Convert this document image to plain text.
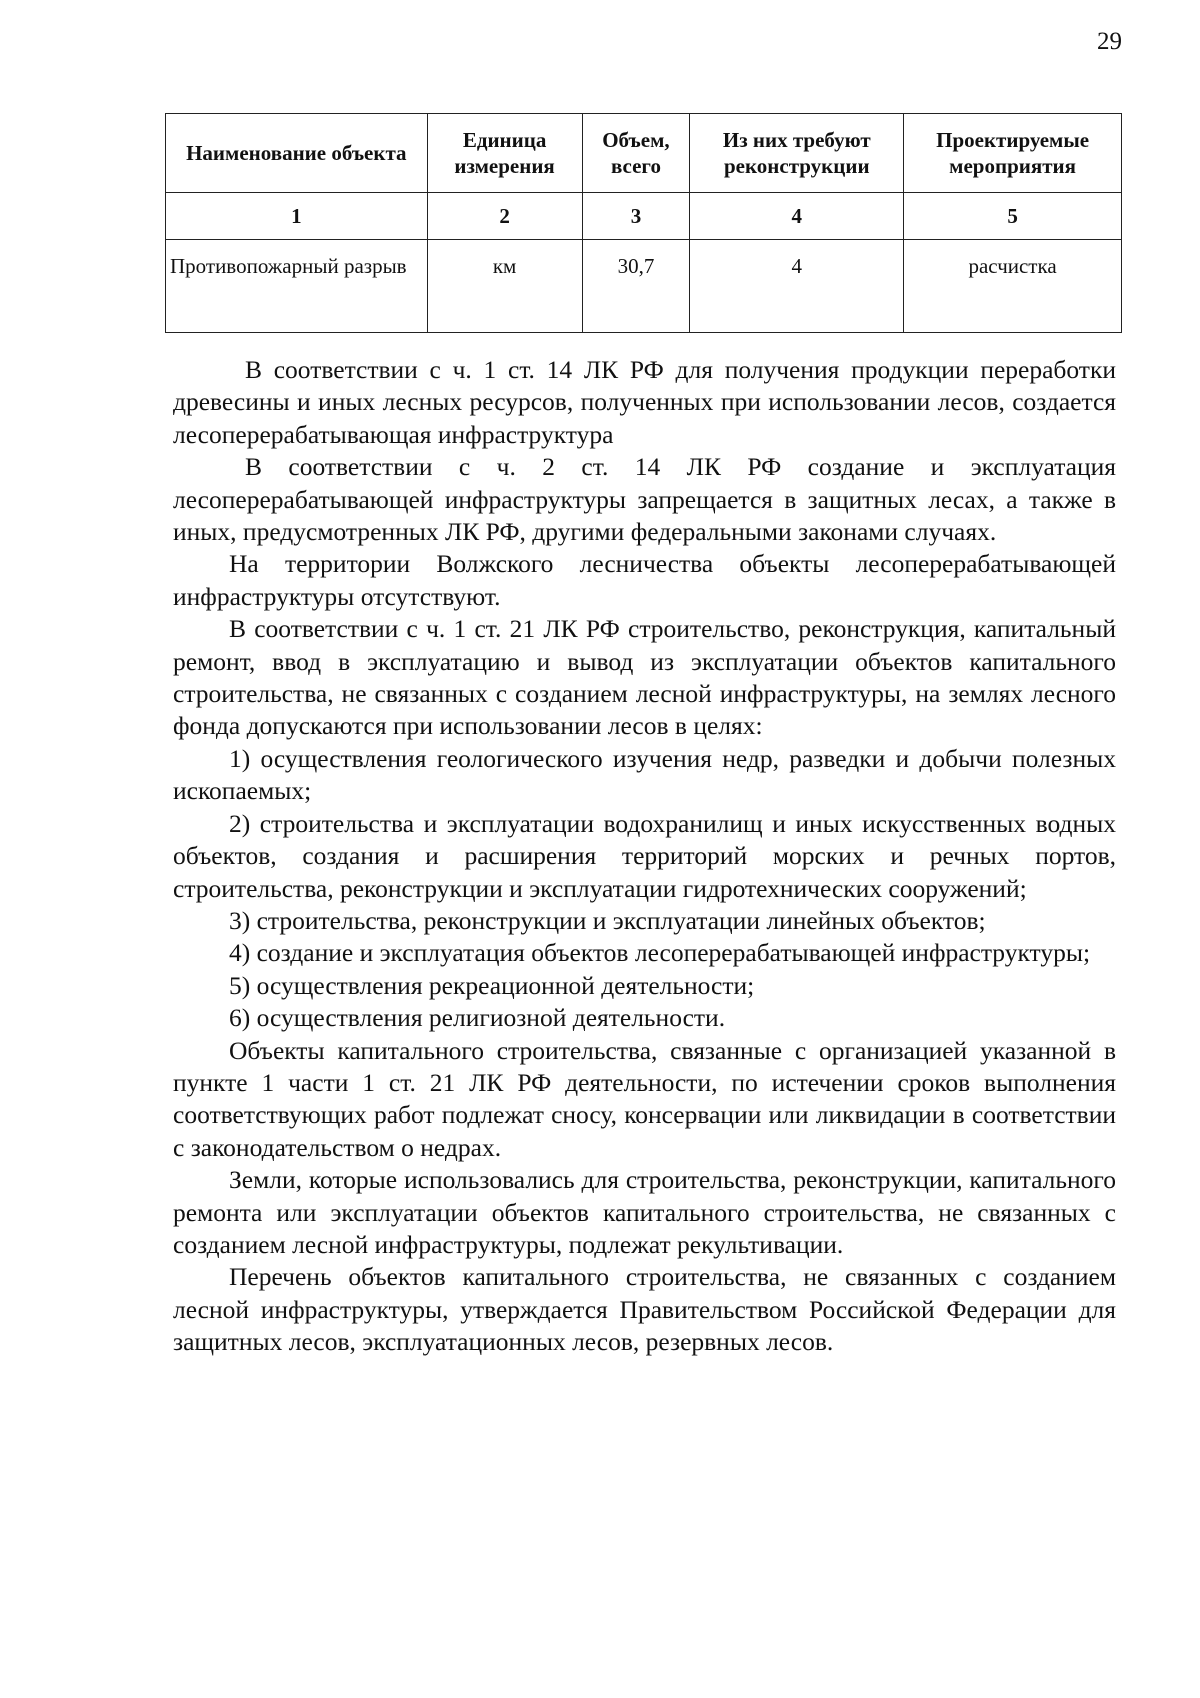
29
Наименование объекта	Единица измерения	Объем, всего	Из них требуют реконструкции	Проектируемые мероприятия
1	2	3	4	5
Противопожарный разрыв	км	30,7	4	расчистка

В соответствии с ч. 1 ст. 14 ЛК РФ для получения продукции переработки древесины и иных лесных ресурсов, полученных при использовании лесов, создается лесоперерабатывающая инфраструктура

В соответствии с ч. 2 ст. 14 ЛК РФ создание и эксплуатация лесоперерабатывающей инфраструктуры запрещается в защитных лесах, а также в иных, предусмотренных ЛК РФ, другими федеральными законами случаях.

На территории Волжского лесничества объекты лесоперерабатывающей инфраструктуры отсутствуют.

В соответствии с ч. 1 ст. 21 ЛК РФ строительство, реконструкция, капитальный ремонт, ввод в эксплуатацию и вывод из эксплуатации объектов капитального строительства, не связанных с созданием лесной инфраструктуры, на землях лесного фонда допускаются при использовании лесов в целях:

1) осуществления геологического изучения недр, разведки и добычи полезных ископаемых;

2) строительства и эксплуатации водохранилищ и иных искусственных водных объектов, создания и расширения территорий морских и речных портов, строительства, реконструкции и эксплуатации гидротехнических сооружений;

3) строительства, реконструкции и эксплуатации линейных объектов;

4) создание и эксплуатация объектов лесоперерабатывающей инфраструктуры;

5) осуществления рекреационной деятельности;

6) осуществления религиозной деятельности.

Объекты капитального строительства, связанные с организацией указанной в пункте 1 части 1 ст. 21 ЛК РФ деятельности, по истечении сроков выполнения соответствующих работ подлежат сносу, консервации или ликвидации в соответствии с законодательством о недрах.

Земли, которые использовались для строительства, реконструкции, капитального ремонта или эксплуатации объектов капитального строительства, не связанных с созданием лесной инфраструктуры, подлежат рекультивации.

Перечень объектов капитального строительства, не связанных с созданием лесной инфраструктуры, утверждается Правительством Российской Федерации для защитных лесов, эксплуатационных лесов, резервных лесов.
